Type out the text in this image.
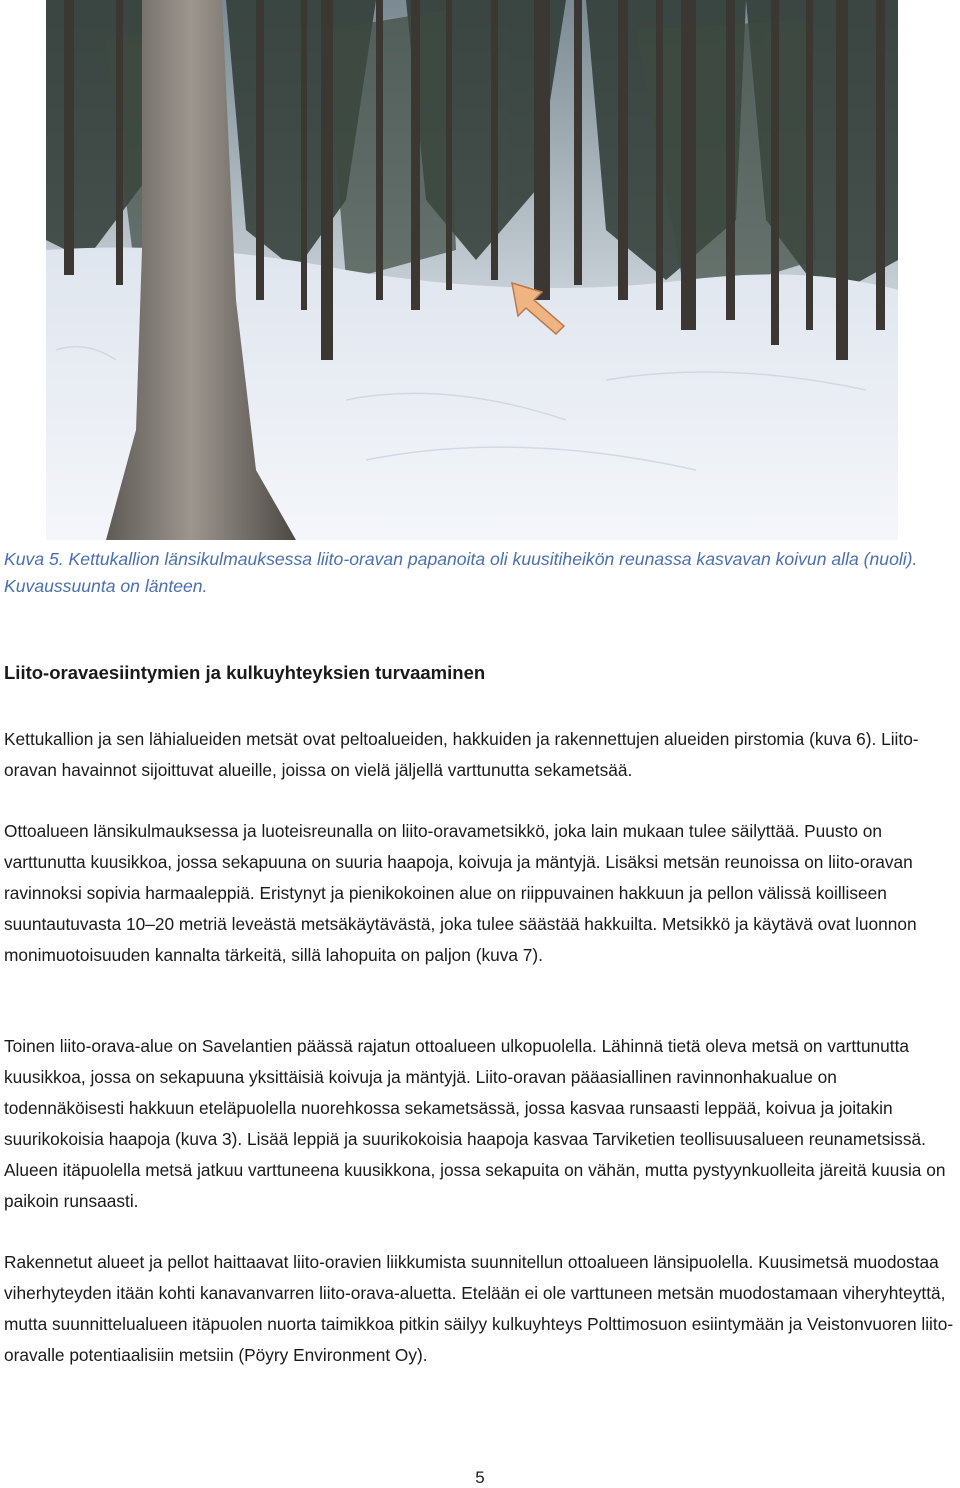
Kuva 5. Kettukallion länsikulmauksessa liito-oravan papanoita oli kuusitiheikön reunassa kasvavan koivun alla (nuoli). Kuvaussuunta on länteen.

Liito-oravaesiintymien ja kulkuyhteyksien turvaaminen

Kettukallion ja sen lähialueiden metsät ovat peltoalueiden, hakkuiden ja rakennettujen alueiden pirstomia (kuva 6). Liito-oravan havainnot sijoittuvat alueille, joissa on vielä jäljellä varttunutta sekametsää.

Ottoalueen länsikulmauksessa ja luoteisreunalla on liito-oravametsikkö, joka lain mukaan tulee säilyttää. Puusto on varttunutta kuusikkoa, jossa sekapuuna on suuria haapoja, koivuja ja mäntyjä. Lisäksi metsän reunoissa on liito-oravan ravinnoksi sopivia harmaaleppiä. Eristynyt ja pienikokoinen alue on riippuvainen hakkuun ja pellon välissä koilliseen suuntautuvasta 10–20 metriä leveästä metsäkäytävästä, joka tulee säästää hakkuilta. Metsikkö ja käytävä ovat luonnon monimuotoisuuden kannalta tärkeitä, sillä lahopuita on paljon (kuva 7).

Toinen liito-orava-alue on Savelantien päässä rajatun ottoalueen ulkopuolella. Lähinnä tietä oleva metsä on varttunutta kuusikkoa, jossa on sekapuuna yksittäisiä koivuja ja mäntyjä. Liito-oravan pääasiallinen ravinnonhakualue on todennäköisesti hakkuun eteläpuolella nuorehkossa sekametsässä, jossa kasvaa runsaasti leppää, koivua ja joitakin suurikokoisia haapoja (kuva 3). Lisää leppiä ja suurikokoisia haapoja kasvaa Tarviketien teollisuusalueen reunametsissä. Alueen itäpuolella metsä jatkuu varttuneena kuusikkona, jossa sekapuita on vähän, mutta pystyynkuolleita järeitä kuusia on paikoin runsaasti.

Rakennetut alueet ja pellot haittaavat liito-oravien liikkumista suunnitellun ottoalueen länsipuolella. Kuusimetsä muodostaa viherhyteyden itään kohti kanavanvarren liito-orava-aluetta. Etelään ei ole varttuneen metsän muodostamaan viheryhteyttä, mutta suunnittelualueen itäpuolen nuorta taimikkoa pitkin säilyy kulkuyhteys Polttimosuon esiintymään ja Veistonvuoren liito-oravalle potentiaalisiin metsiin (Pöyry Environment Oy).

5
